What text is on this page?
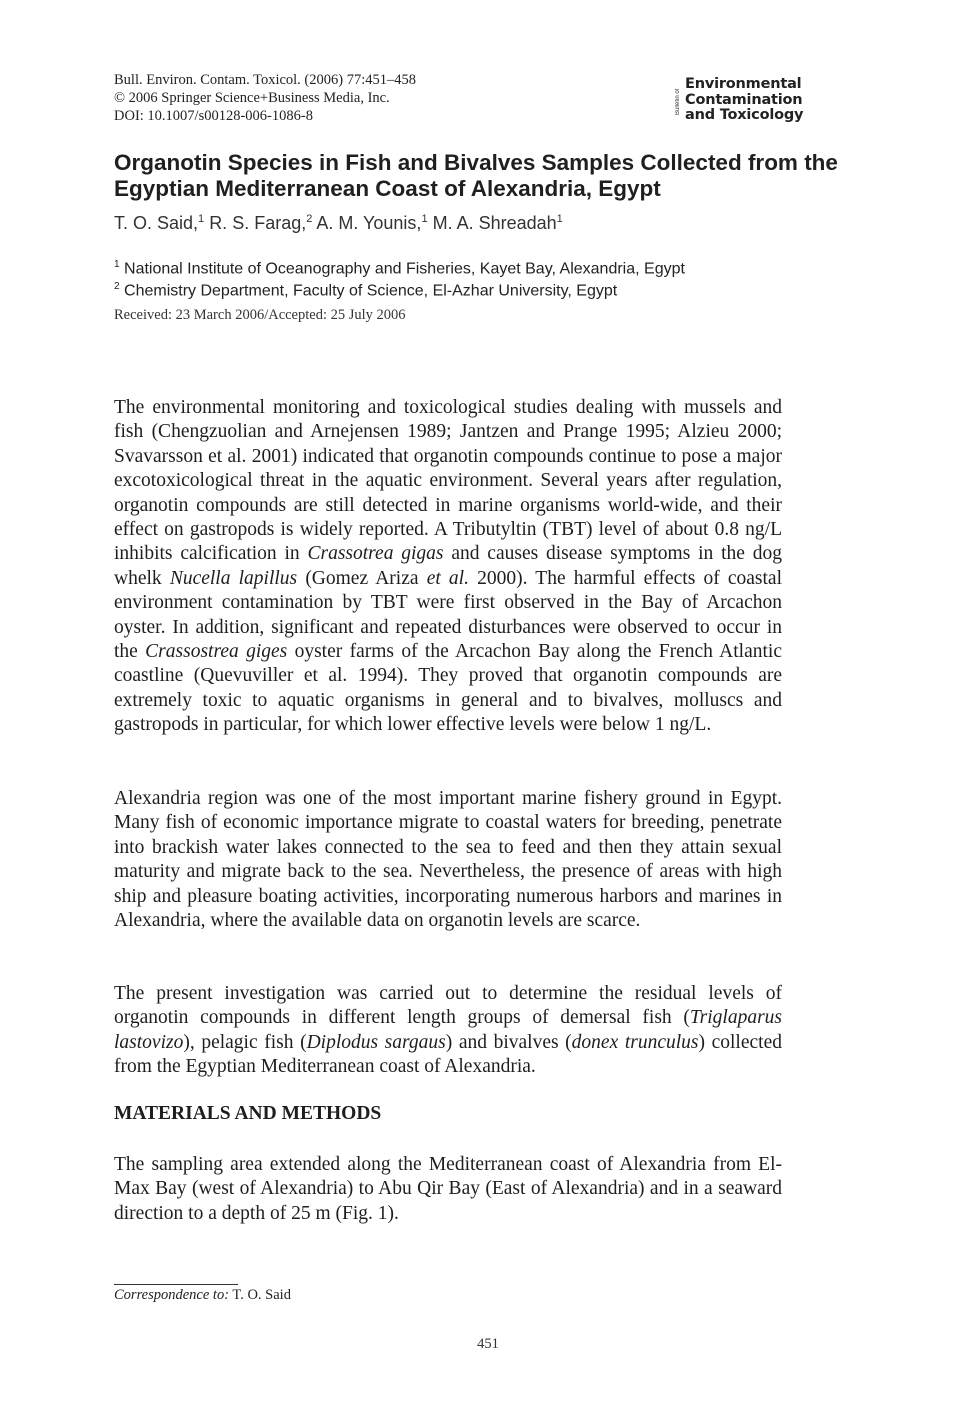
Bull. Environ. Contam. Toxicol. (2006) 77:451–458
© 2006 Springer Science+Business Media, Inc.
DOI: 10.1007/s00128-006-1086-8
Bulletin of
Environmental
Contamination
and Toxicology
Organotin Species in Fish and Bivalves Samples Collected from the Egyptian Mediterranean Coast of Alexandria, Egypt
T. O. Said,$^1$ R. S. Farag,$^2$ A. M. Younis,$^1$ M. A. Shreadah$^1$
$^1$ National Institute of Oceanography and Fisheries, Kayet Bay, Alexandria, Egypt
$^2$ Chemistry Department, Faculty of Science, El-Azhar University, Egypt
Received: 23 March 2006/Accepted: 25 July 2006

The environmental monitoring and toxicological studies dealing with mussels and fish (Chengzuolian and Arnejensen 1989; Jantzen and Prange 1995; Alzieu 2000; Svavarsson et al. 2001) indicated that organotin compounds continue to pose a major excotoxicological threat in the aquatic environment. Several years after regulation, organotin compounds are still detected in marine organisms world-wide, and their effect on gastropods is widely reported. A Tributyltin (TBT) level of about 0.8 ng/L inhibits calcification in Crassotrea gigas and causes disease symptoms in the dog whelk Nucella lapillus (Gomez Ariza et al. 2000). The harmful effects of coastal environment contamination by TBT were first observed in the Bay of Arcachon oyster. In addition, significant and repeated disturbances were observed to occur in the Crassostrea giges oyster farms of the Arcachon Bay along the French Atlantic coastline (Quevuviller et al. 1994). They proved that organotin compounds are extremely toxic to aquatic organisms in general and to bivalves, molluscs and gastropods in particular, for which lower effective levels were below 1 ng/L.

Alexandria region was one of the most important marine fishery ground in Egypt. Many fish of economic importance migrate to coastal waters for breeding, penetrate into brackish water lakes connected to the sea to feed and then they attain sexual maturity and migrate back to the sea. Nevertheless, the presence of areas with high ship and pleasure boating activities, incorporating numerous harbors and marines in Alexandria, where the available data on organotin levels are scarce.

The present investigation was carried out to determine the residual levels of organotin compounds in different length groups of demersal fish (Triglaparus lastovizo), pelagic fish (Diplodus sargaus) and bivalves (donex trunculus) collected from the Egyptian Mediterranean coast of Alexandria.

MATERIALS AND METHODS

The sampling area extended along the Mediterranean coast of Alexandria from El-Max Bay (west of Alexandria) to Abu Qir Bay (East of Alexandria) and in a seaward direction to a depth of 25 m (Fig. 1).

Correspondence to: T. O. Said
451
